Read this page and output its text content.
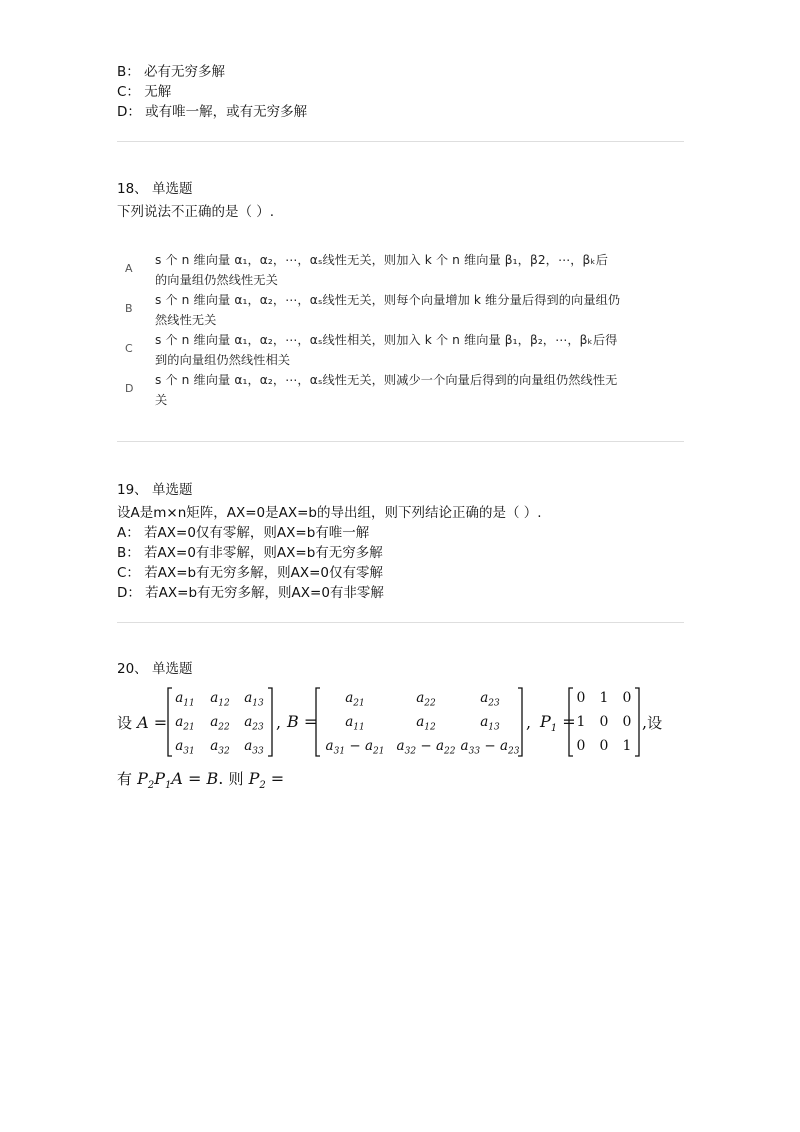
B： 必有无穷多解
C： 无解
D： 或有唯一解，或有无穷多解
18、 单选题
下列说法不正确的是（ ）.
A
s 个 n 维向量 α₁，α₂，⋯，αₛ线性无关，则加入 k 个 n 维向量 β₁，β2，⋯，βₖ后
的向量组仍然线性无关
B
s 个 n 维向量 α₁，α₂，⋯，αₛ线性无关，则每个向量增加 k 维分量后得到的向量组仍
然线性无关
C
s 个 n 维向量 α₁，α₂，⋯，αₛ线性相关，则加入 k 个 n 维向量 β₁，β₂，⋯，βₖ后得
到的向量组仍然线性相关
D
s 个 n 维向量 α₁，α₂，⋯，αₛ线性无关，则减少一个向量后得到的向量组仍然线性无
关
19、 单选题
设A是m×n矩阵，AX=0是AX=b的导出组，则下列结论正确的是（ ）.
A： 若AX=0仅有零解，则AX=b有唯一解
B： 若AX=0有非零解，则AX=b有无穷多解
C： 若AX=b有无穷多解，则AX=0仅有零解
D： 若AX=b有无穷多解，则AX=0有非零解
20、 单选题
设 A =
$a_{11}$ $a_{12}$ $a_{13}$
$a_{21}$ $a_{22}$ $a_{23}$
$a_{31}$ $a_{32}$ $a_{33}$
, B =
$a_{21}$	$a_{22}$	$a_{23}$
$a_{11}$	$a_{12}$	$a_{13}$
$a_{31} - a_{21}$ $a_{32} - a_{22}$ $a_{33} - a_{23}$
, $P_1$ =
0 1 0
1 0 0
0 0 1
,设
有 $P_2P_1A = B$. 则 $P_2$ =
